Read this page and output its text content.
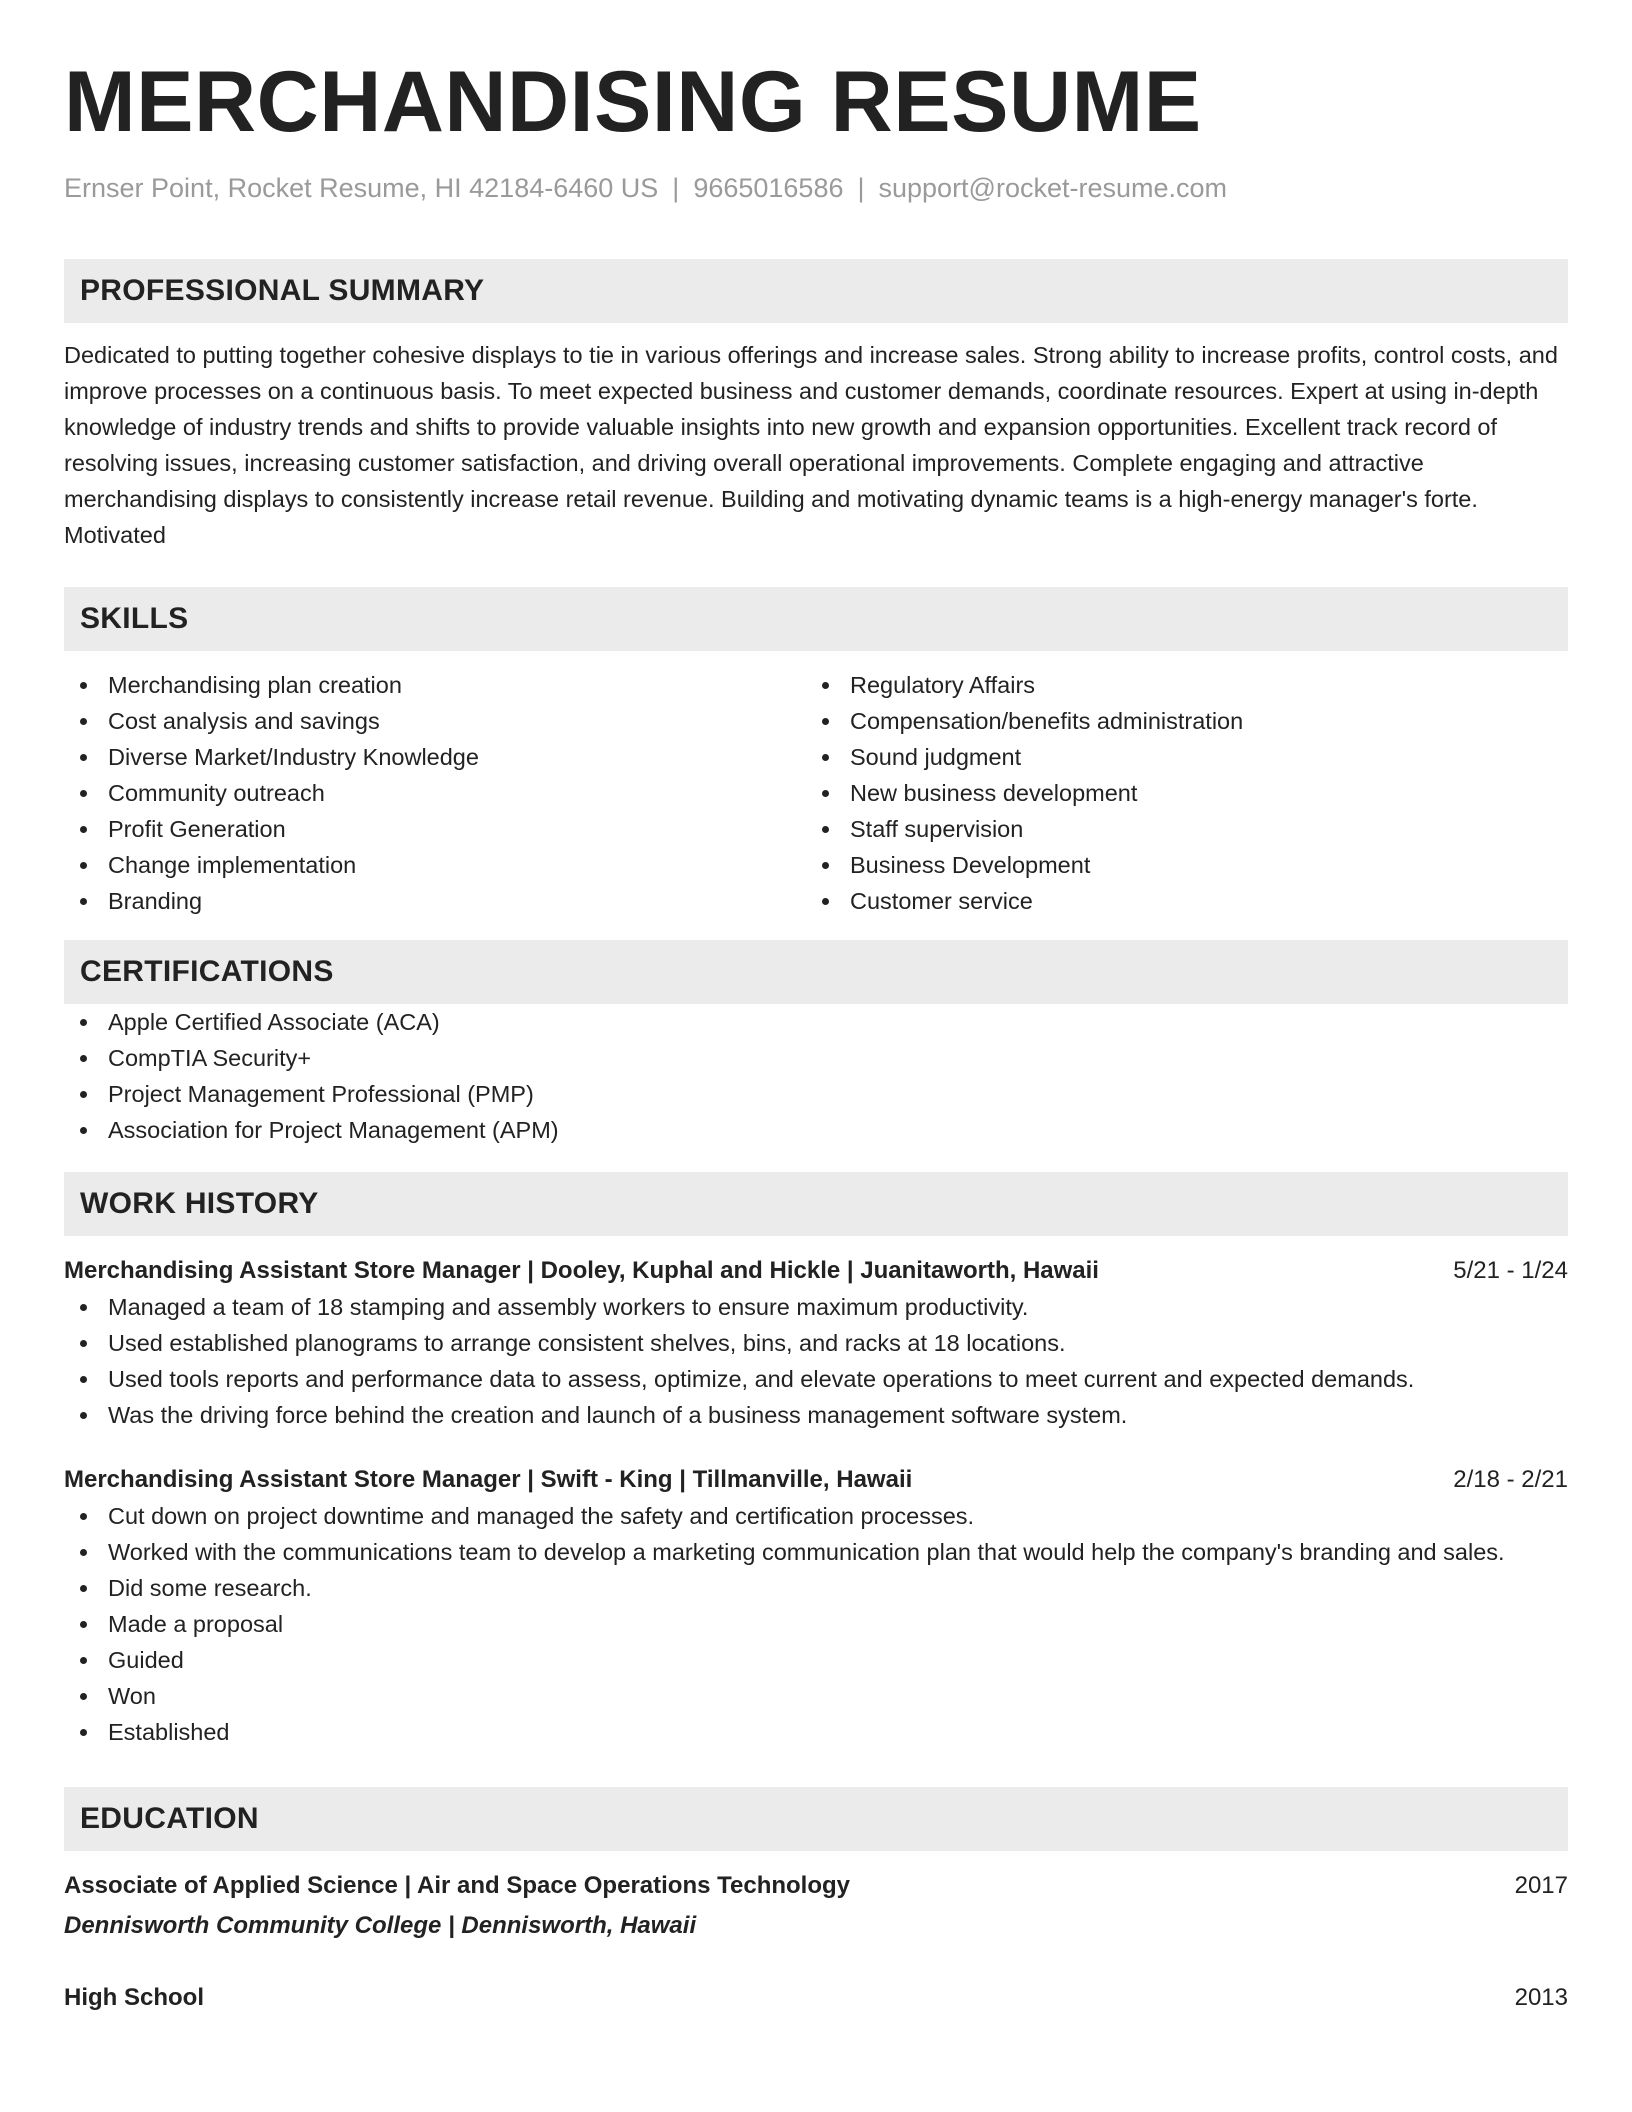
MERCHANDISING RESUME
Ernser Point, Rocket Resume, HI 42184-6460 US | 9665016586 | support@rocket-resume.com
PROFESSIONAL SUMMARY

Dedicated to putting together cohesive displays to tie in various offerings and increase sales. Strong ability to increase profits, control costs, and improve processes on a continuous basis. To meet expected business and customer demands, coordinate resources. Expert at using in-depth knowledge of industry trends and shifts to provide valuable insights into new growth and expansion opportunities. Excellent track record of resolving issues, increasing customer satisfaction, and driving overall operational improvements. Complete engaging and attractive merchandising displays to consistently increase retail revenue. Building and motivating dynamic teams is a high-energy manager's forte. Motivated

SKILLS
Merchandising plan creation
Cost analysis and savings
Diverse Market/Industry Knowledge
Community outreach
Profit Generation
Change implementation
Branding
Regulatory Affairs
Compensation/benefits administration
Sound judgment
New business development
Staff supervision
Business Development
Customer service
CERTIFICATIONS
Apple Certified Associate (ACA)
CompTIA Security+
Project Management Professional (PMP)
Association for Project Management (APM)
WORK HISTORY
Merchandising Assistant Store Manager | Dooley, Kuphal and Hickle | Juanitaworth, Hawaii	5/21 - 1/24
Managed a team of 18 stamping and assembly workers to ensure maximum productivity.
Used established planograms to arrange consistent shelves, bins, and racks at 18 locations.
Used tools reports and performance data to assess, optimize, and elevate operations to meet current and expected demands.
Was the driving force behind the creation and launch of a business management software system.
Merchandising Assistant Store Manager | Swift - King | Tillmanville, Hawaii	2/18 - 2/21
Cut down on project downtime and managed the safety and certification processes.
Worked with the communications team to develop a marketing communication plan that would help the company's branding and sales.
Did some research.
Made a proposal
Guided
Won
Established
EDUCATION
Associate of Applied Science | Air and Space Operations Technology	2017
Dennisworth Community College | Dennisworth, Hawaii
High School	2013
